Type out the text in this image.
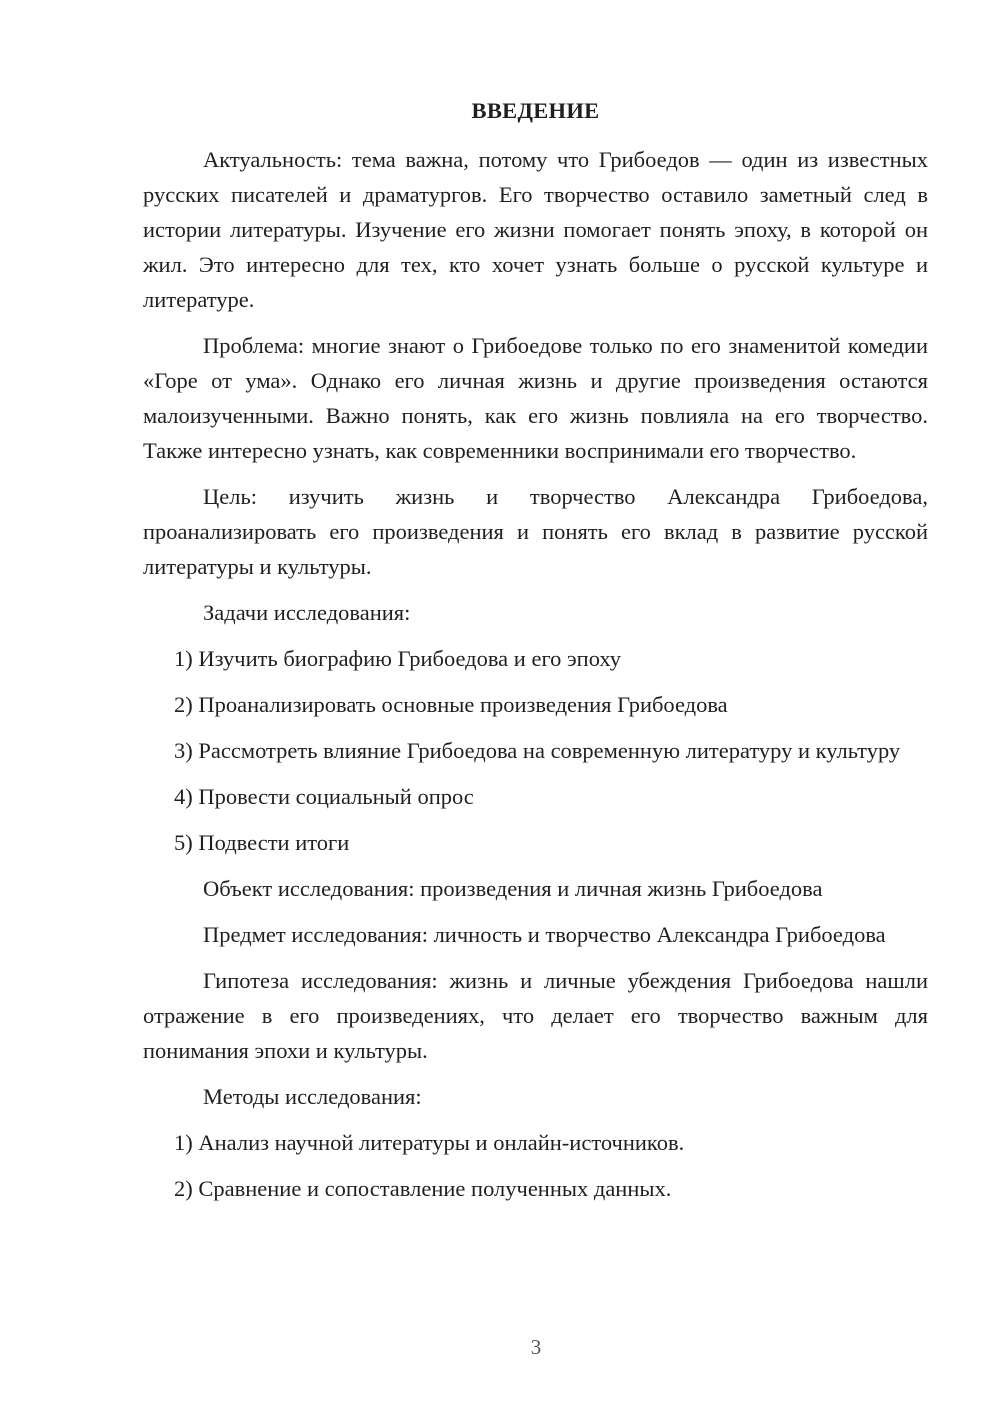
ВВЕДЕНИЕ

Актуальность: тема важна, потому что Грибоедов — один из известных русских писателей и драматургов. Его творчество оставило заметный след в истории литературы. Изучение его жизни помогает понять эпоху, в которой он жил. Это интересно для тех, кто хочет узнать больше о русской культуре и литературе.

Проблема: многие знают о Грибоедове только по его знаменитой комедии «Горе от ума». Однако его личная жизнь и другие произведения остаются малоизученными. Важно понять, как его жизнь повлияла на его творчество. Также интересно узнать, как современники воспринимали его творчество.

Цель: изучить жизнь и творчество Александра Грибоедова, проанализировать его произведения и понять его вклад в развитие русской литературы и культуры.

Задачи исследования:

1) Изучить биографию Грибоедова и его эпоху

2) Проанализировать основные произведения Грибоедова

3) Рассмотреть влияние Грибоедова на современную литературу и культуру

4) Провести социальный опрос

5) Подвести итоги

Объект исследования: произведения и личная жизнь Грибоедова

Предмет исследования: личность и творчество Александра Грибоедова

Гипотеза исследования: жизнь и личные убеждения Грибоедова нашли отражение в его произведениях, что делает его творчество важным для понимания эпохи и культуры.

Методы исследования:

1) Анализ научной литературы и онлайн-источников.

2) Сравнение и сопоставление полученных данных.

3
